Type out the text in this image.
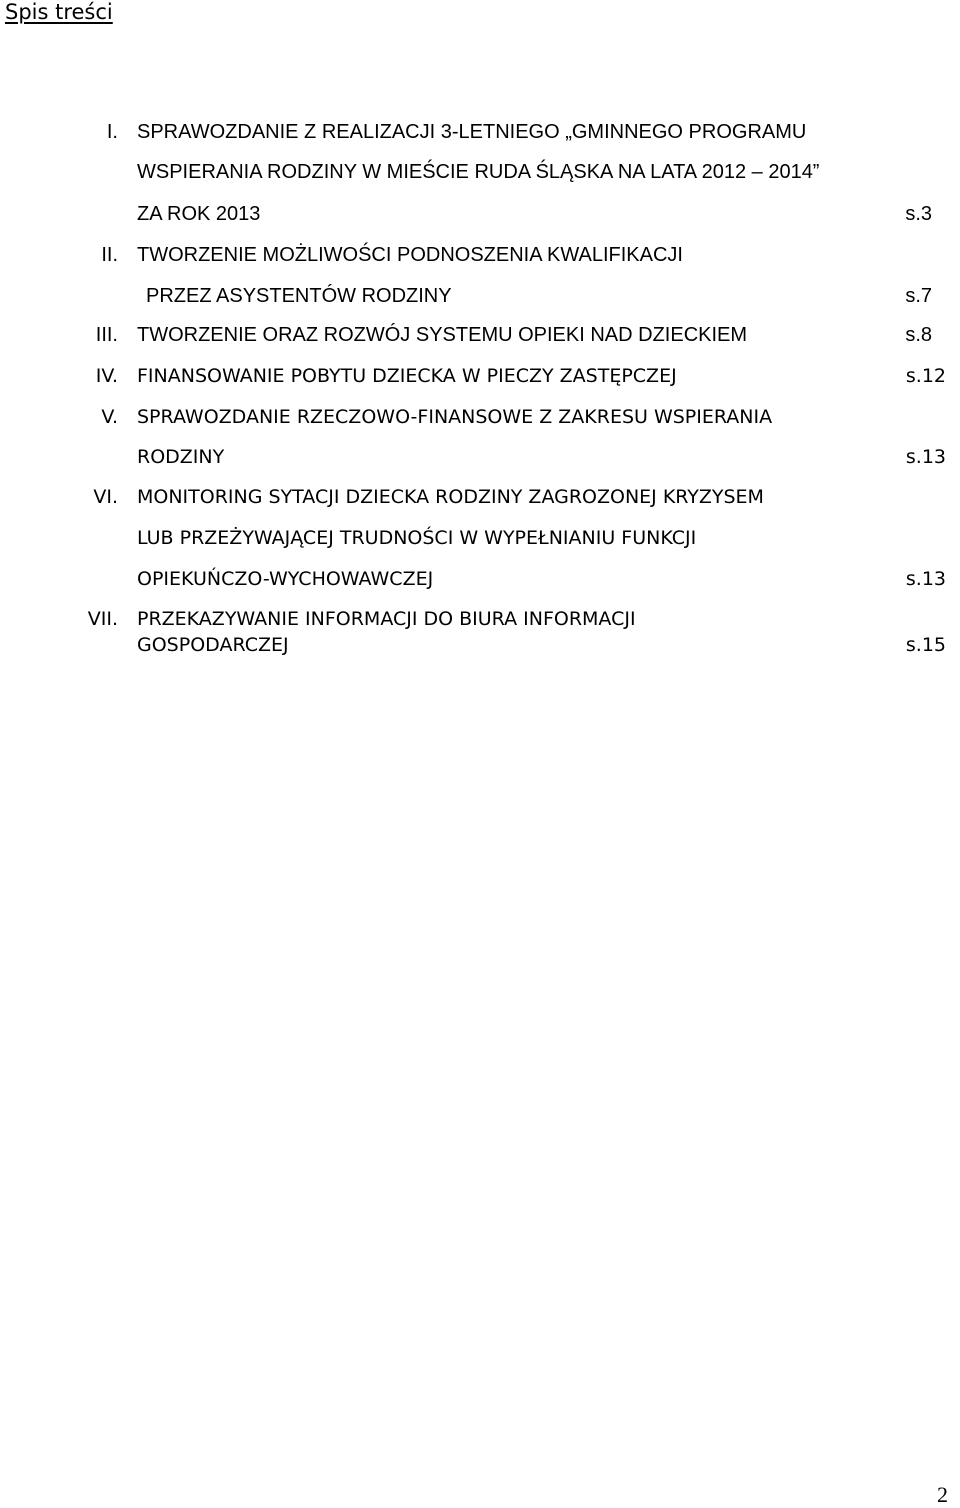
Spis treści
I. SPRAWOZDANIE Z REALIZACJI 3-LETNIEGO „GMINNEGO PROGRAMU
WSPIERANIA RODZINY W MIEŚCIE RUDA ŚLĄSKA NA LATA 2012 – 2014”
ZA ROK 2013	s.3
II. TWORZENIE MOŻLIWOŚCI PODNOSZENIA KWALIFIKACJI
PRZEZ ASYSTENTÓW RODZINY	s.7
III. TWORZENIE ORAZ ROZWÓJ SYSTEMU OPIEKI NAD DZIECKIEM	s.8
IV. FINANSOWANIE POBYTU DZIECKA W PIECZY ZASTĘPCZEJ	s.12
V. SPRAWOZDANIE RZECZOWO-FINANSOWE Z ZAKRESU WSPIERANIA
RODZINY	s.13
VI. MONITORING SYTACJI DZIECKA RODZINY ZAGROZONEJ KRYZYSEM
LUB PRZEŻYWAJĄCEJ TRUDNOŚCI W WYPEŁNIANIU FUNKCJI
OPIEKUŃCZO-WYCHOWAWCZEJ	s.13
VII. PRZEKAZYWANIE INFORMACJI DO BIURA INFORMACJI
GOSPODARCZEJ	s.15
2
